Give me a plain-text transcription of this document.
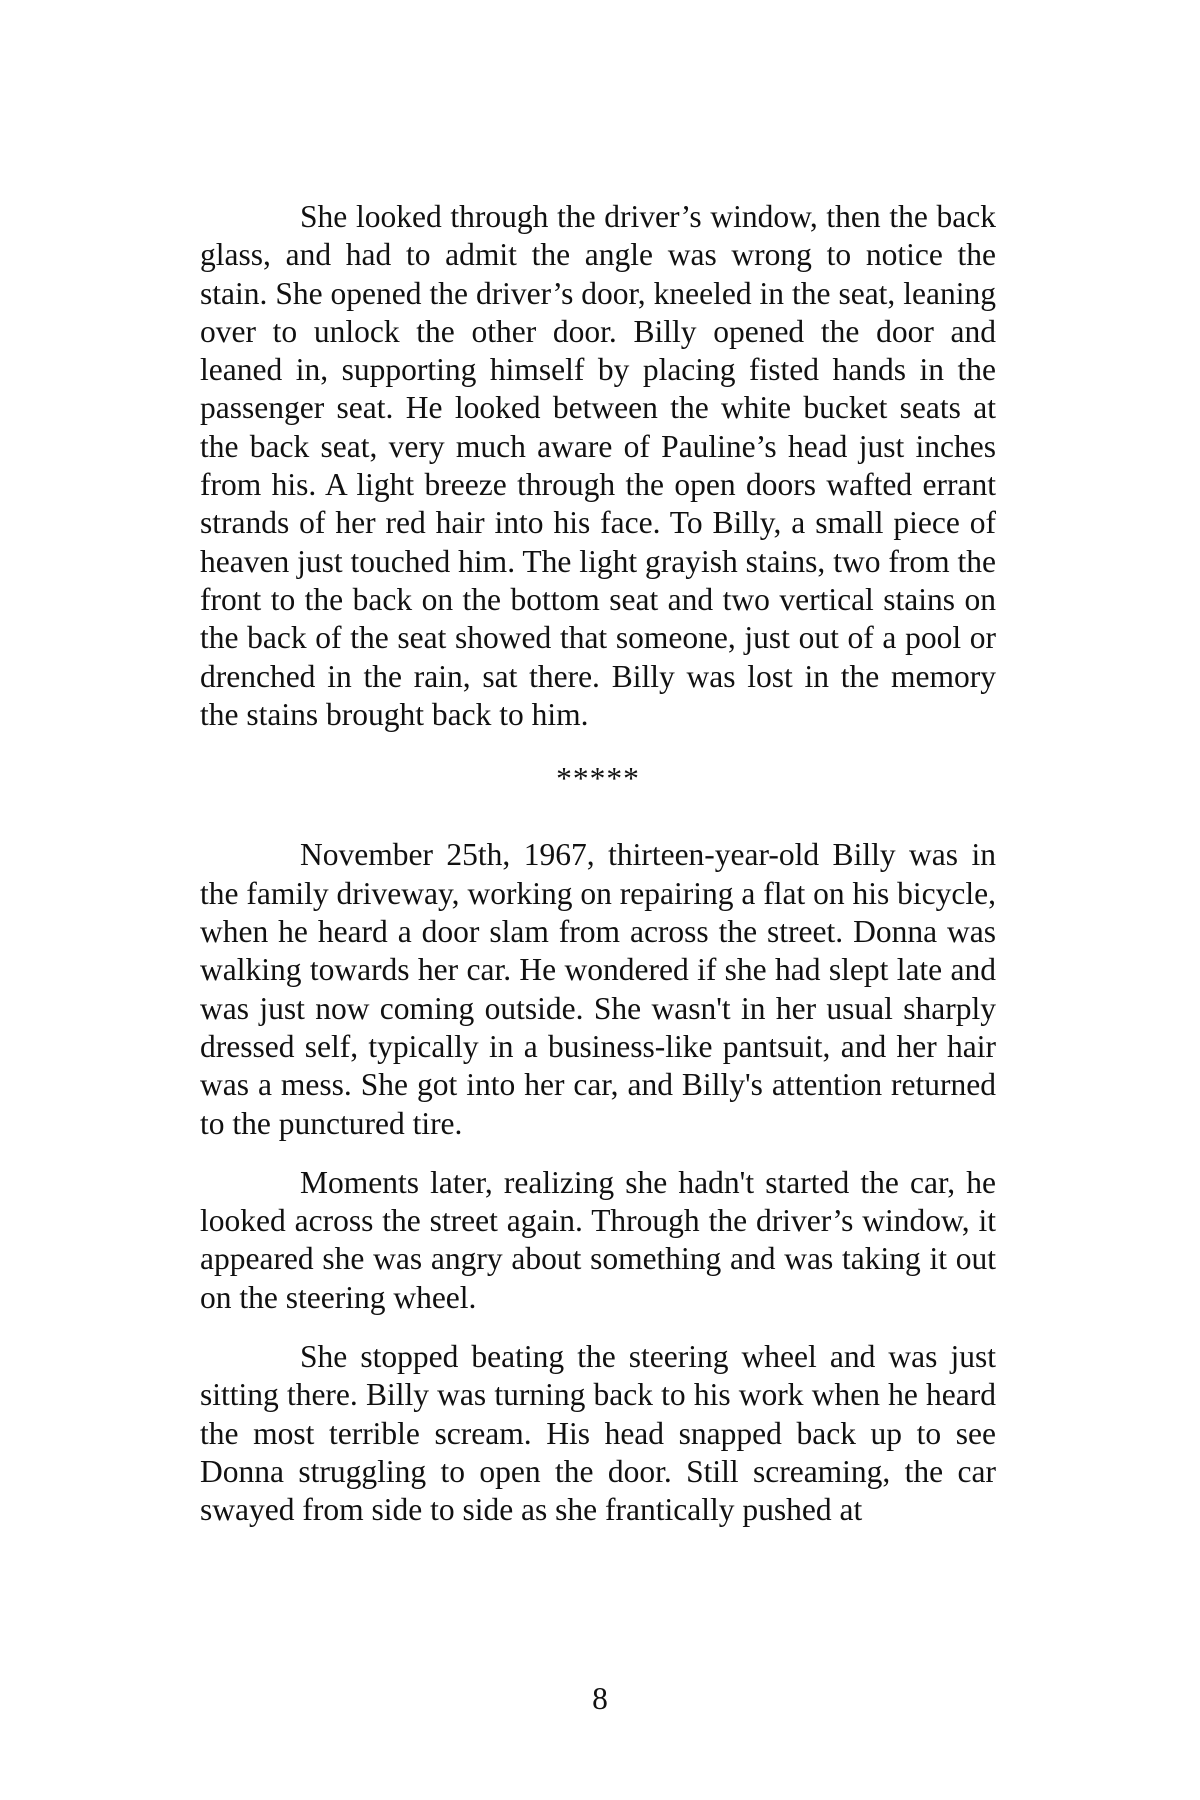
She looked through the driver’s window, then the back glass, and had to admit the angle was wrong to notice the stain. She opened the driver’s door, kneeled in the seat, leaning over to unlock the other door. Billy opened the door and leaned in, supporting himself by placing fisted hands in the passenger seat. He looked between the white bucket seats at the back seat, very much aware of Pauline’s head just inches from his. A light breeze through the open doors wafted errant strands of her red hair into his face. To Billy, a small piece of heaven just touched him. The light grayish stains, two from the front to the back on the bottom seat and two vertical stains on the back of the seat showed that someone, just out of a pool or drenched in the rain, sat there. Billy was lost in the memory the stains brought back to him.

*****

November 25th, 1967, thirteen-year-old Billy was in the family driveway, working on repairing a flat on his bicycle, when he heard a door slam from across the street. Donna was walking towards her car. He wondered if she had slept late and was just now coming outside. She wasn't in her usual sharply dressed self, typically in a business-like pantsuit, and her hair was a mess. She got into her car, and Billy's attention returned to the punctured tire.

Moments later, realizing she hadn't started the car, he looked across the street again. Through the driver’s window, it appeared she was angry about something and was taking it out on the steering wheel.

She stopped beating the steering wheel and was just sitting there. Billy was turning back to his work when he heard the most terrible scream. His head snapped back up to see Donna struggling to open the door. Still screaming, the car swayed from side to side as she frantically pushed at

8
